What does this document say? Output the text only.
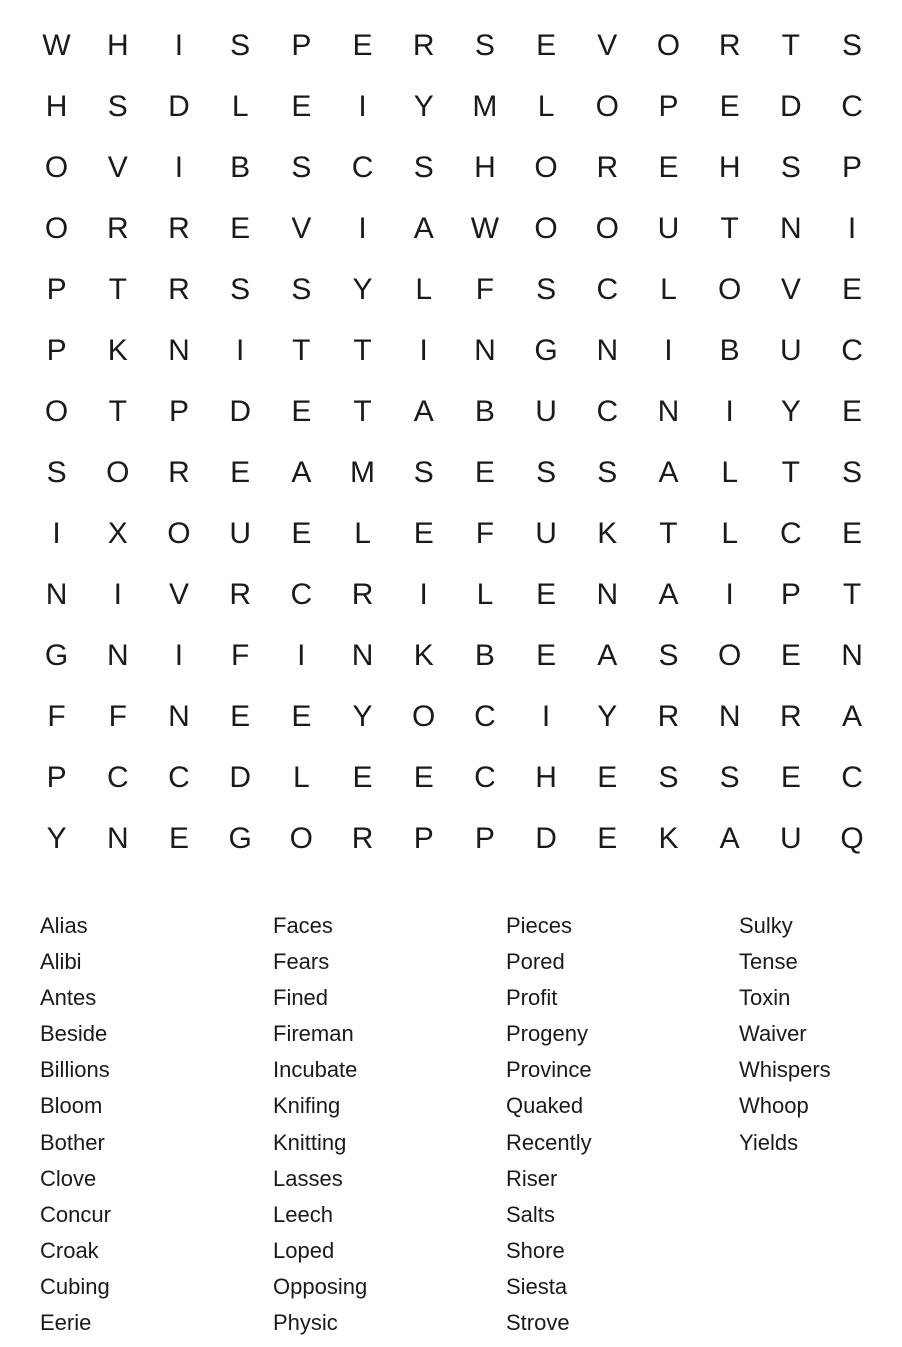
W	H	I	S	P	E	R	S	E	V	O	R	T	S
H	S	D	L	E	I	Y	M	L	O	P	E	D	C
O	V	I	B	S	C	S	H	O	R	E	H	S	P
O	R	R	E	V	I	A	W	O	O	U	T	N	I
P	T	R	S	S	Y	L	F	S	C	L	O	V	E
P	K	N	I	T	T	I	N	G	N	I	B	U	C
O	T	P	D	E	T	A	B	U	C	N	I	Y	E
S	O	R	E	A	M	S	E	S	S	A	L	T	S
I	X	O	U	E	L	E	F	U	K	T	L	C	E
N	I	V	R	C	R	I	L	E	N	A	I	P	T
G	N	I	F	I	N	K	B	E	A	S	O	E	N
F	F	N	E	E	Y	O	C	I	Y	R	N	R	A
P	C	C	D	L	E	E	C	H	E	S	S	E	C
Y	N	E	G	O	R	P	P	D	E	K	A	U	Q
Alias
Alibi
Antes
Beside
Billions
Bloom
Bother
Clove
Concur
Croak
Cubing
Eerie
Faces
Fears
Fined
Fireman
Incubate
Knifing
Knitting
Lasses
Leech
Loped
Opposing
Physic
Pieces
Pored
Profit
Progeny
Province
Quaked
Recently
Riser
Salts
Shore
Siesta
Strove
Sulky
Tense
Toxin
Waiver
Whispers
Whoop
Yields
